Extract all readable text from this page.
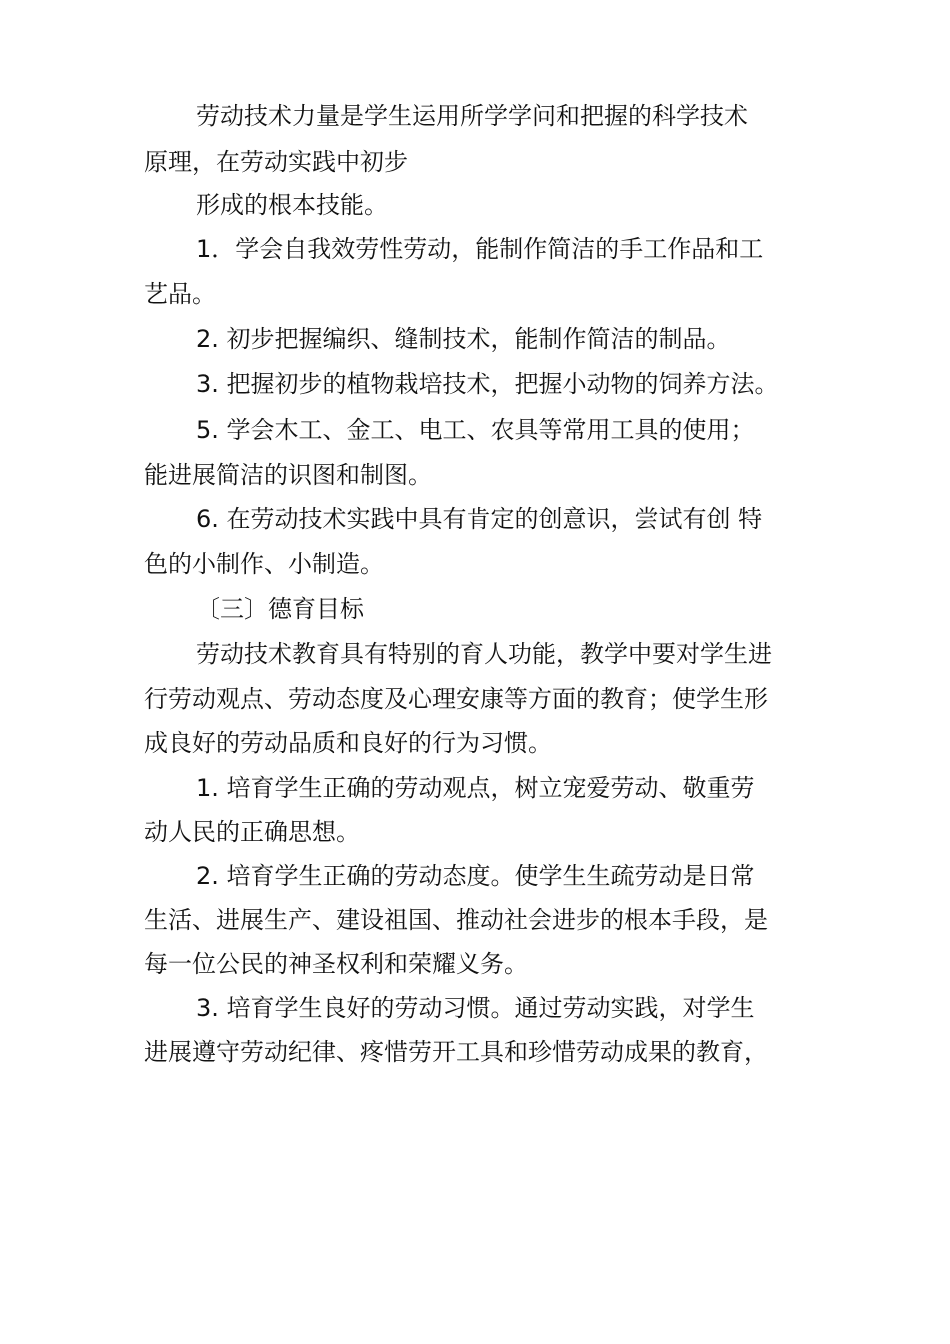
劳动技术力量是学生运用所学学问和把握的科学技术
原理，在劳动实践中初步
形成的根本技能。
1．学会自我效劳性劳动，能制作简洁的手工作品和工
艺品。
2. 初步把握编织、缝制技术，能制作简洁的制品。
3. 把握初步的植物栽培技术，把握小动物的饲养方法。
5. 学会木工、金工、电工、农具等常用工具的使用；
能进展简洁的识图和制图。
6. 在劳动技术实践中具有肯定的创意识，尝试有创 特
色的小制作、小制造。
〔三〕德育目标
劳动技术教育具有特别的育人功能，教学中要对学生进
行劳动观点、劳动态度及心理安康等方面的教育；使学生形
成良好的劳动品质和良好的行为习惯。
1. 培育学生正确的劳动观点，树立宠爱劳动、敬重劳
动人民的正确思想。
2. 培育学生正确的劳动态度。使学生生疏劳动是日常
生活、进展生产、建设祖国、推动社会进步的根本手段，是
每一位公民的神圣权利和荣耀义务。
3. 培育学生良好的劳动习惯。通过劳动实践，对学生
进展遵守劳动纪律、疼惜劳开工具和珍惜劳动成果的教育，
